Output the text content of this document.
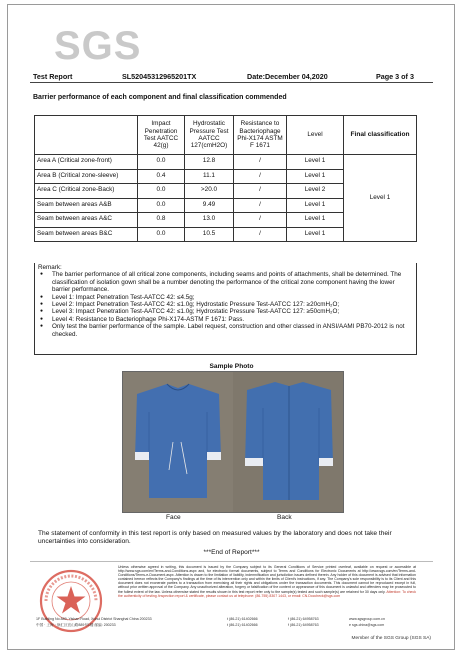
SGS
Test Report	SL52045312965201TX	Date:December 04,2020	Page 3 of 3
Barrier performance of each component and final classification commended
	Impact Penetration Test AATCC 42(g)	Hydrostatic Pressure Test AATCC 127(cmH2O)	Resistance to Bacteriophage Phi-X174 ASTM F 1671	Level	Final classification
Area A (Critical zone-front)	0.0	12.8	/	Level 1	Level 1
Area B (Critical zone-sleeve)	0.4	11.1	/	Level 1	
Area C (Critical zone-Back)	0.0	>20.0	/	Level 2	
Seam between areas A&B	0.0	9.49	/	Level 1	
Seam between areas A&C	0.8	13.0	/	Level 1	
Seam between areas B&C	0.0	10.5	/	Level 1	
Remark:
● The barrier performance of all critical zone components, including seams and points of attachments, shall be determined. The classification of isolation gown shall be a number denoting the performance of the critical zone component having the lower barrier performance.
● Level 1: Impact Penetration Test-AATCC 42: ≤4.5g;
● Level 2: Impact Penetration Test-AATCC 42: ≤1.0g; Hydrostatic Pressure Test-AATCC 127: ≥20cmH₂O;
● Level 3: Impact Penetration Test-AATCC 42: ≤1.0g; Hydrostatic Pressure Test-AATCC 127: ≥50cmH₂O;
● Level 4: Resistance to Bacteriophage Phi-X174-ASTM F 1671: Pass.
● Only test the barrier performance of the sample. Label request, construction and other classed in ANSI/AAMI PB70-2012 is not checked.
Sample Photo
Face	Back
The statement of conformity in this test report is only based on measured values by the laboratory and does not take their uncertainties into consideration.
***End of Report***
Unless otherwise agreed in writing, this document is issued by the Company subject to its General Conditions of Service printed overleaf, available on request or accessible at http://www.sgs.com/en/Terms-and-Conditions.aspx and, for electronic format documents, subject to Terms and Conditions for Electronic Documents at http://www.sgs.com/en/Terms-and-Conditions/Terms-e-Document.aspx. Attention is drawn to the limitation of liability, indemnification and jurisdiction issues defined therein. Any holder of this document is advised that information contained hereon reflects the Company's findings at the time of its intervention only and within the limits of Client's instructions, if any. The Company's sole responsibility is to its Client and this document does not exonerate parties to a transaction from exercising all their rights and obligations under the transaction documents. This document cannot be reproduced except in full, without prior written approval of the Company. Any unauthorized alteration, forgery or falsification of the content or appearance of this document is unlawful and offenders may be prosecuted to the fullest extent of the law. Unless otherwise stated the results shown in this test report refer only to the sample(s) tested and such sample(s) are retained for 30 days only. Attention: To check the authenticity of testing /inspection report & certificate, please contact us at telephone: (86-755) 8307 1443, or email: CN.Doccheck@sgs.com
1F Building No.889, Yishan Road, Xuhui District Shanghai China 200233	t (86-21) 61402666	f (86-21) 64958763	www.sgsgroup.com.cn
中国 · 上海 · 徐汇区宜山路889号1楼 邮编: 200233	t (86-21) 61402666	f (86-21) 64958763	e sgs.china@sgs.com
Member of the SGS Group (SGS SA)
